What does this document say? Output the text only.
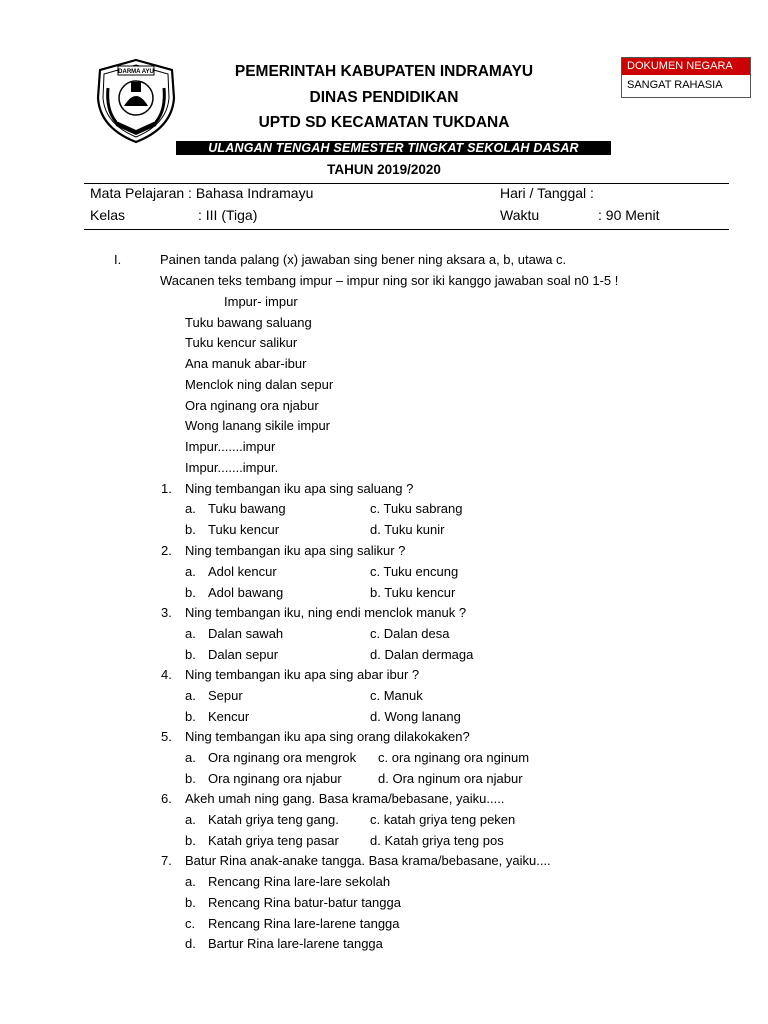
DARMA AYU	PEMERINTAH KABUPATEN INDRAMAYU
DINAS PENDIDIKAN
UPTD SD KECAMATAN TUKDANA
DOKUMEN NEGARA
SANGAT RAHASIA
ULANGAN TENGAH SEMESTER TINGKAT SEKOLAH DASAR
TAHUN 2019/2020
Mata Pelajaran : Bahasa Indramayu	Hari / Tanggal :
Kelas	: III (Tiga)	Waktu	: 90 Menit
I.	Painen tanda palang (x) jawaban sing bener ning aksara a, b, utawa c.
Wacanen teks tembang impur – impur ning sor iki kanggo jawaban soal n0 1-5 !
Impur- impur
Tuku bawang saluang
Tuku kencur salikur
Ana manuk abar-ibur
Menclok ning dalan sepur
Ora nginang ora njabur
Wong lanang sikile impur
Impur.......impur
Impur.......impur.
1. Ning tembangan iku apa sing saluang ?
a. Tuku bawang	c. Tuku sabrang
b. Tuku kencur	d. Tuku kunir
2. Ning tembangan iku apa sing salikur ?
a. Adol kencur	c. Tuku encung
b. Adol bawang	b. Tuku kencur
3. Ning tembangan iku, ning endi menclok manuk ?
a. Dalan sawah	c. Dalan desa
b. Dalan sepur	d. Dalan dermaga
4. Ning tembangan iku apa sing abar ibur ?
a. Sepur	c. Manuk
b. Kencur	d. Wong lanang
5. Ning tembangan iku apa sing orang dilakokaken?
a. Ora nginang ora mengrok c. ora nginang ora nginum
b. Ora nginang ora njabur	d. Ora nginum ora njabur
6. Akeh umah ning gang. Basa krama/bebasane, yaiku.....
a. Katah griya teng gang. c. katah griya teng peken
b. Katah griya teng pasar d. Katah griya teng pos
7. Batur Rina anak-anake tangga. Basa krama/bebasane, yaiku....
a. Rencang Rina lare-lare sekolah
b. Rencang Rina batur-batur tangga
c. Rencang Rina lare-larene tangga
d. Bartur Rina lare-larene tangga
